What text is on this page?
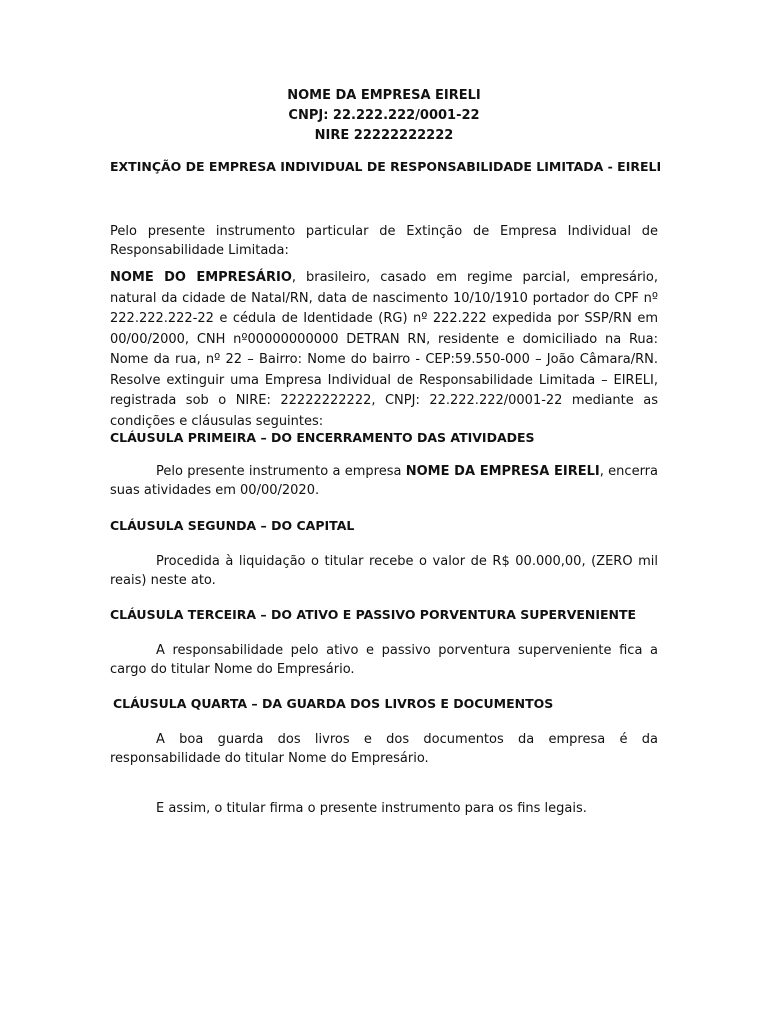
NOME DA EMPRESA EIRELI
CNPJ: 22.222.222/0001-22
NIRE 22222222222
EXTINÇÃO DE EMPRESA INDIVIDUAL DE RESPONSABILIDADE LIMITADA - EIRELI
Pelo presente instrumento particular de Extinção de Empresa Individual de Responsabilidade Limitada:
NOME DO EMPRESÁRIO, brasileiro, casado em regime parcial, empresário, natural da cidade de Natal/RN, data de nascimento 10/10/1910 portador do CPF nº 222.222.222-22 e cédula de Identidade (RG) nº 222.222 expedida por SSP/RN em 00/00/2000, CNH nº00000000000 DETRAN RN, residente e domiciliado na Rua: Nome da rua, nº 22 – Bairro: Nome do bairro - CEP:59.550-000 – João Câmara/RN. Resolve extinguir uma Empresa Individual de Responsabilidade Limitada – EIRELI, registrada sob o NIRE: 22222222222, CNPJ: 22.222.222/0001-22 mediante as condições e cláusulas seguintes:
CLÁUSULA PRIMEIRA – DO ENCERRAMENTO DAS ATIVIDADES
Pelo presente instrumento a empresa NOME DA EMPRESA EIRELI, encerra suas atividades em 00/00/2020.
CLÁUSULA SEGUNDA – DO CAPITAL
Procedida à liquidação o titular recebe o valor de R$ 00.000,00, (ZERO mil reais) neste ato.
CLÁUSULA TERCEIRA – DO ATIVO E PASSIVO PORVENTURA SUPERVENIENTE
A responsabilidade pelo ativo e passivo porventura superveniente fica a cargo do titular Nome do Empresário.
CLÁUSULA QUARTA – DA GUARDA DOS LIVROS E DOCUMENTOS
A boa guarda dos livros e dos documentos da empresa é da responsabilidade do titular Nome do Empresário.
E assim, o titular firma o presente instrumento para os fins legais.
